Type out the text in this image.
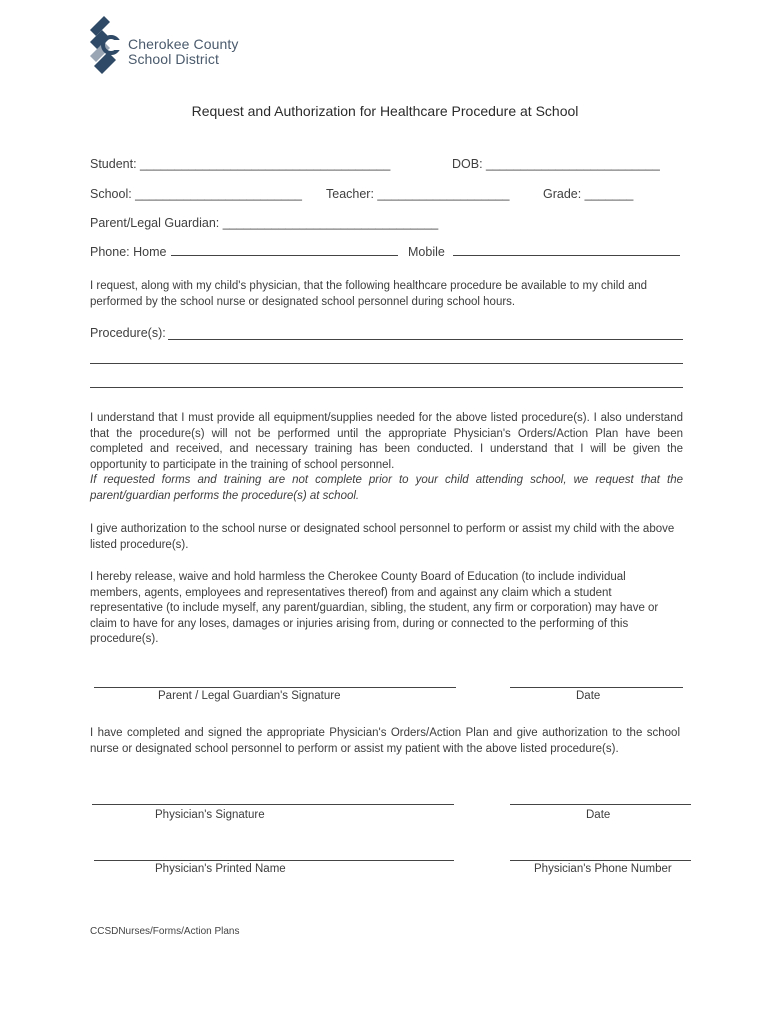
Cherokee County
School District
Request and Authorization for Healthcare Procedure at School
Student: ____________________________________	DOB: _________________________
School: ________________________ Teacher: ___________________	Grade: _______
Parent/Legal Guardian: _______________________________
Phone: Home	Mobile
I request, along with my child's physician, that the following healthcare procedure be available to my child and performed by the school nurse or designated school personnel during school hours.
Procedure(s):
I understand that I must provide all equipment/supplies needed for the above listed procedure(s). I also understand that the procedure(s) will not be performed until the appropriate Physician's Orders/Action Plan have been completed and received, and necessary training has been conducted. I understand that I will be given the opportunity to participate in the training of school personnel.
If requested forms and training are not complete prior to your child attending school, we request that the parent/guardian performs the procedure(s) at school.
I give authorization to the school nurse or designated school personnel to perform or assist my child with the above listed procedure(s).
I hereby release, waive and hold harmless the Cherokee County Board of Education (to include individual members, agents, employees and representatives thereof) from and against any claim which a student representative (to include myself, any parent/guardian, sibling, the student, any firm or corporation) may have or claim to have for any loses, damages or injuries arising from, during or connected to the performing of this procedure(s).
Parent / Legal Guardian's Signature	Date
I have completed and signed the appropriate Physician's Orders/Action Plan and give authorization to the school nurse or designated school personnel to perform or assist my patient with the above listed procedure(s).
Physician's Signature	Date
Physician's Printed Name	Physician's Phone Number
CCSDNurses/Forms/Action Plans
